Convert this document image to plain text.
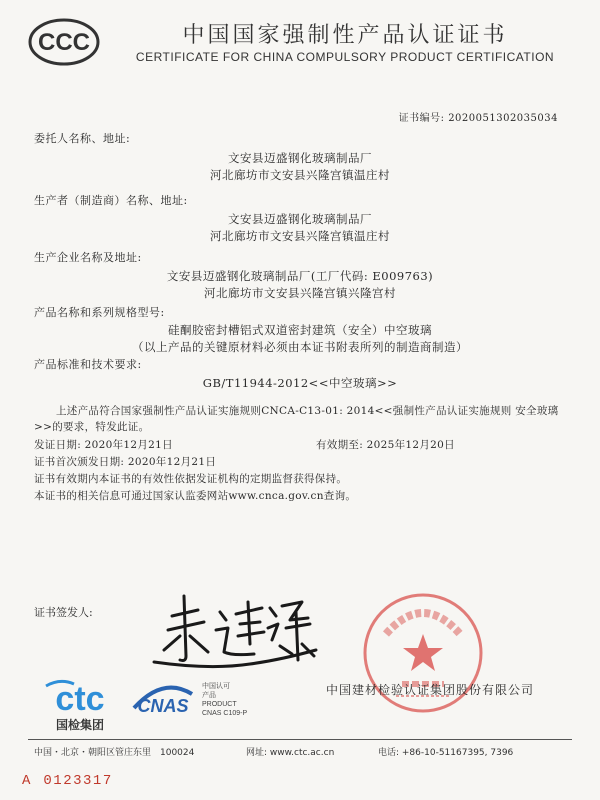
CCC	中国国家强制性产品认证证书
CERTIFICATE FOR CHINA COMPULSORY PRODUCT CERTIFICATION
证书编号: 2020051302035034
委托人名称、地址:
文安县迈盛钢化玻璃制品厂
河北廊坊市文安县兴隆宫镇温庄村
生产者（制造商）名称、地址:
文安县迈盛钢化玻璃制品厂
河北廊坊市文安县兴隆宫镇温庄村
生产企业名称及地址:
文安县迈盛钢化玻璃制品厂(工厂代码: E009763)
河北廊坊市文安县兴隆宫镇兴隆宫村
产品名称和系列规格型号:
硅酮胶密封槽铝式双道密封建筑（安全）中空玻璃
（以上产品的关键原材料必须由本证书附表所列的制造商制造）
产品标准和技术要求:
GB/T11944-2012<<中空玻璃>>
上述产品符合国家强制性产品认证实施规则CNCA-C13-01: 2014<<强制性产品认证实施规则 安全玻璃>>的要求，特发此证。
发证日期: 2020年12月21日	有效期至: 2025年12月20日
证书首次颁发日期: 2020年12月21日
证书有效期内本证书的有效性依据发证机构的定期监督获得保持。
本证书的相关信息可通过国家认监委网站www.cnca.gov.cn查询。
证书签发人:
ctc
国检集团
CNAS
中国认可
产品
PRODUCT
CNAS C109-P
中国建材检验认证集团股份有限公司
中国・北京・朝阳区管庄东里　100024	网址: www.ctc.ac.cn	电话: +86-10-51167395, 7396
A 0123317
